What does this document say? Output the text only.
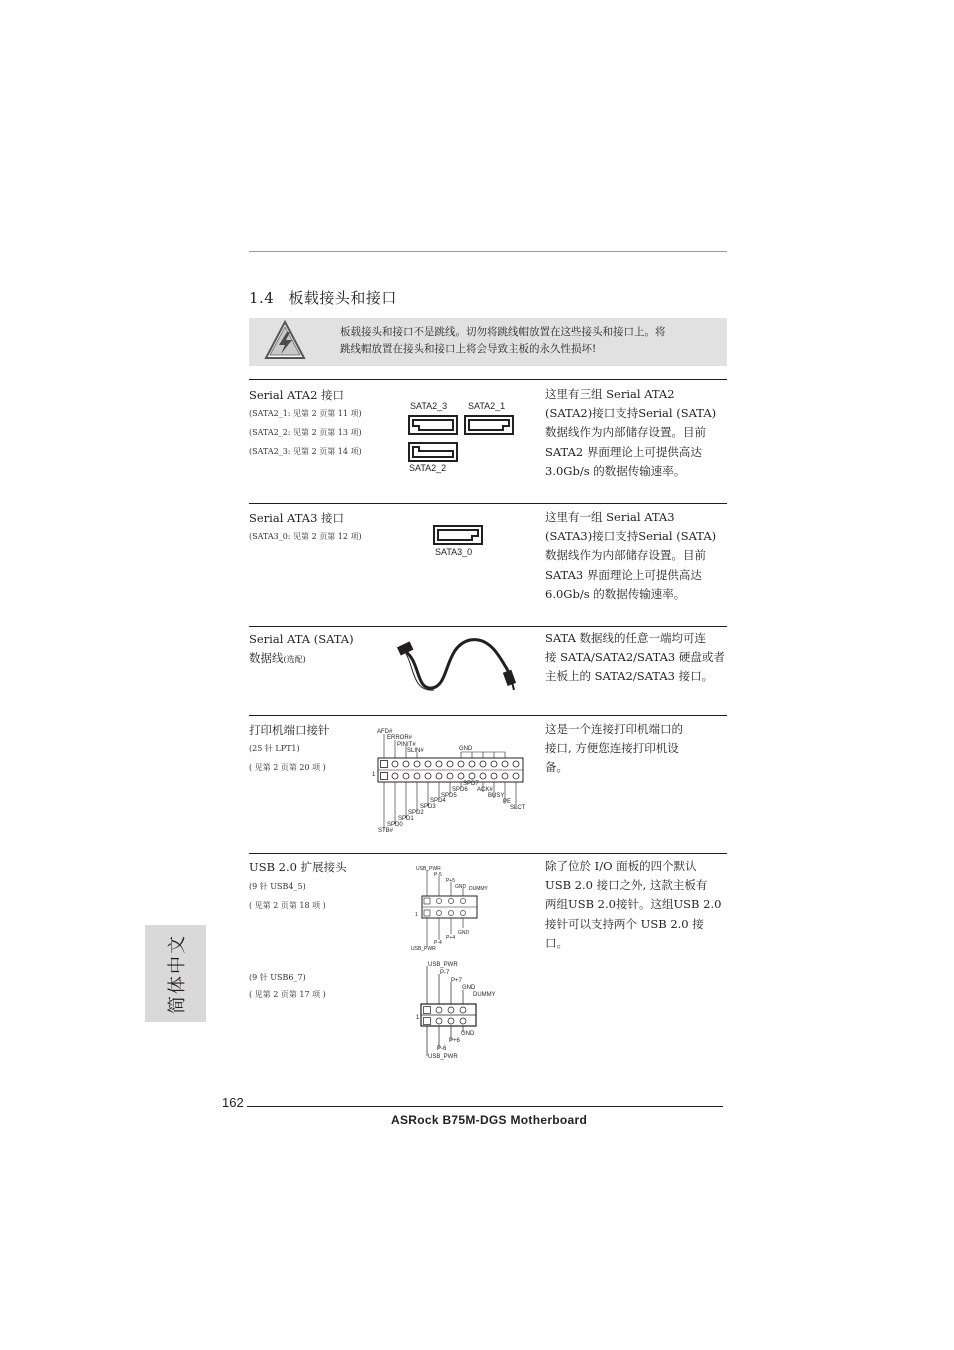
1.4 板载接头和接口
板载接头和接口不是跳线。切勿将跳线帽放置在这些接头和接口上。将
跳线帽放置在接头和接口上将会导致主板的永久性损坏!
Serial ATA2 接口
(SATA2_1: 见第 2 页第 11 项)
(SATA2_2: 见第 2 页第 13 项)
(SATA2_3: 见第 2 页第 14 项)
SATA2_3 SATA2_1
SATA2_2
这里有三组 Serial ATA2
(SATA2)接口支持Serial (SATA)
数据线作为内部储存设置。目前
SATA2 界面理论上可提供高达
3.0Gb/s 的数据传输速率。
Serial ATA3 接口
(SATA3_0: 见第 2 页第 12 项)
SATA3_0
这里有一组 Serial ATA3
(SATA3)接口支持Serial (SATA)
数据线作为内部储存设置。目前
SATA3 界面理论上可提供高达
6.0Gb/s 的数据传输速率。
Serial ATA (SATA)
数据线(选配)
SATA 数据线的任意一端均可连
接 SATA/SATA2/SATA3 硬盘或者
主板上的 SATA2/SATA3 接口。
打印机端口接针
(25 针 LPT1)
( 见第 2 页第 20 项 )
AFD#
ERROR#
PINIT#
SLIN#	GND
1
SPD7
ACK#
BUSY
PE
SLCT
SPD6
SPD5
SPD4
SPD3
SPD2
SPD1
SPD0
STB#
这是一个连接打印机端口的
接口, 方便您连接打印机设
备。
USB 2.0 扩展接头
(9 针 USB4_5)
( 见第 2 页第 18 项 )
(9 针 USB6_7)
( 见第 2 页第 17 项 )
USB_PWR
P-5
P+5
GND DUMMY
1
GND
P+4
P-4
USB_PWR
USB_PWR
P-7
P+7
GND
DUMMY
1
GND
P+6
P-6
USB_PWR
除了位於 I/O 面板的四个默认
USB 2.0 接口之外, 这款主板有
两组USB 2.0接针。这组USB 2.0
接针可以支持两个 USB 2.0 接
口。
简体中文
162
ASRock B75M-DGS Motherboard
